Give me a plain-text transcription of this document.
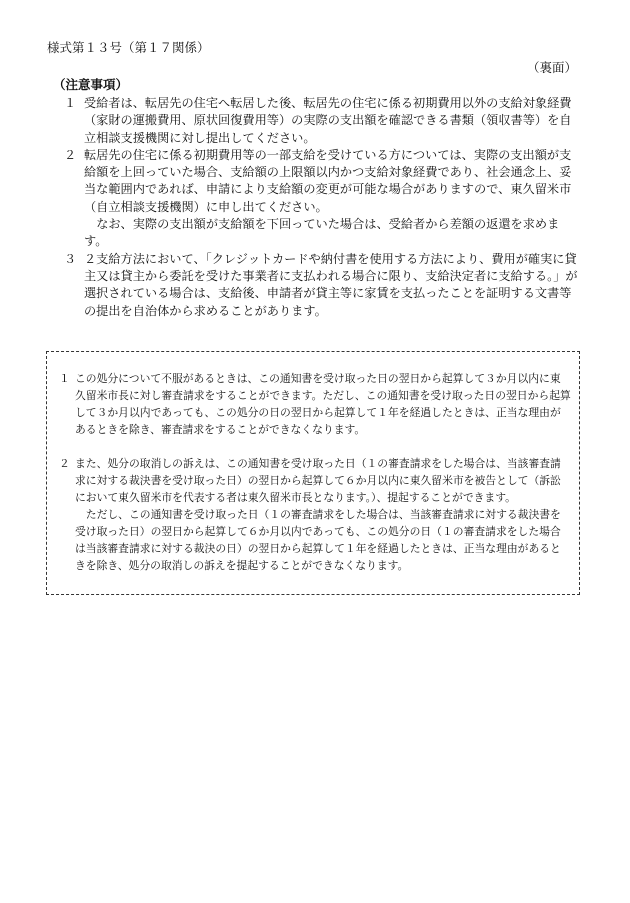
様式第１３号（第１７関係）
（裏面）
（注意事項）
１ 受給者は、転居先の住宅へ転居した後、転居先の住宅に係る初期費用以外の支給対象経費（家財の運搬費用、原状回復費用等）の実際の支出額を確認できる書類（領収書等）を自立相談支援機関に対し提出してください。
２ 転居先の住宅に係る初期費用等の一部支給を受けている方については、実際の支出額が支給額を上回っていた場合、支給額の上限額以内かつ支給対象経費であり、社会通念上、妥当な範囲内であれば、申請により支給額の変更が可能な場合がありますので、東久留米市（自立相談支援機関）に申し出てください。
なお、実際の支出額が支給額を下回っていた場合は、受給者から差額の返還を求めます。
３ ２支給方法において、「クレジットカードや納付書を使用する方法により、費用が確実に貸主又は貸主から委託を受けた事業者に支払われる場合に限り、支給決定者に支給する。」が選択されている場合は、支給後、申請者が貸主等に家賃を支払ったことを証明する文書等の提出を自治体から求めることがあります。
１ この処分について不服があるときは、この通知書を受け取った日の翌日から起算して３か月以内に東久留米市長に対し審査請求をすることができます。ただし、この通知書を受け取った日の翌日から起算して３か月以内であっても、この処分の日の翌日から起算して１年を経過したときは、正当な理由があるときを除き、審査請求をすることができなくなります。
２ また、処分の取消しの訴えは、この通知書を受け取った日（１の審査請求をした場合は、当該審査請求に対する裁決書を受け取った日）の翌日から起算して６か月以内に東久留米市を被告として（訴訟において東久留米市を代表する者は東久留米市長となります。）、提起することができます。
ただし、この通知書を受け取った日（１の審査請求をした場合は、当該審査請求に対する裁決書を受け取った日）の翌日から起算して６か月以内であっても、この処分の日（１の審査請求をした場合は当該審査請求に対する裁決の日）の翌日から起算して１年を経過したときは、正当な理由があるときを除き、処分の取消しの訴えを提起することができなくなります。
